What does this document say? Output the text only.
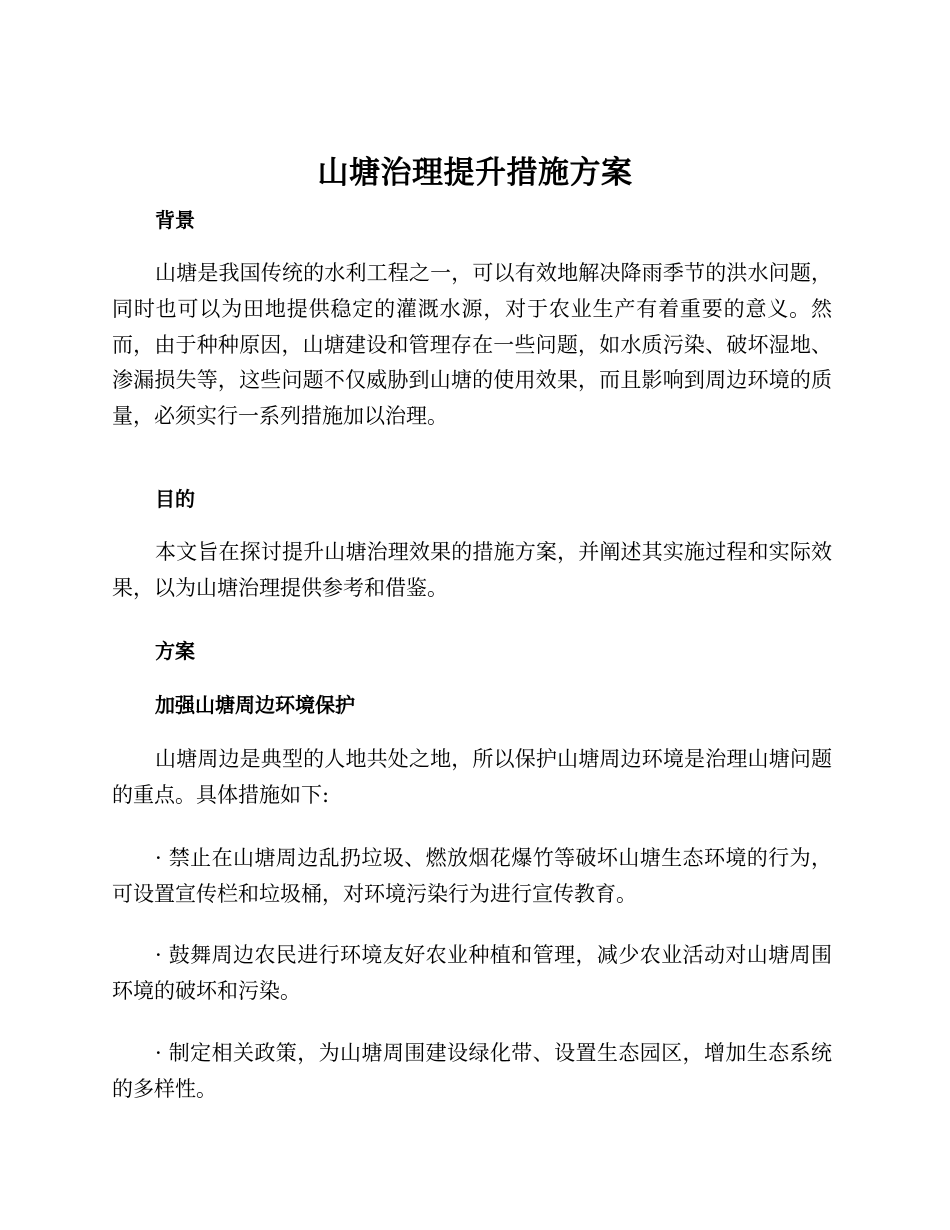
山塘治理提升措施方案
背景
山塘是我国传统的水利工程之一，可以有效地解决降雨季节的洪水问题，同时也可以为田地提供稳定的灌溉水源，对于农业生产有着重要的意义。然而，由于种种原因，山塘建设和管理存在一些问题，如水质污染、破坏湿地、渗漏损失等，这些问题不仅威胁到山塘的使用效果，而且影响到周边环境的质量，必须实行一系列措施加以治理。
目的
本文旨在探讨提升山塘治理效果的措施方案，并阐述其实施过程和实际效果，以为山塘治理提供参考和借鉴。
方案
加强山塘周边环境保护
山塘周边是典型的人地共处之地，所以保护山塘周边环境是治理山塘问题的重点。具体措施如下:
· 禁止在山塘周边乱扔垃圾、燃放烟花爆竹等破坏山塘生态环境的行为，可设置宣传栏和垃圾桶，对环境污染行为进行宣传教育。
· 鼓舞周边农民进行环境友好农业种植和管理，减少农业活动对山塘周围环境的破坏和污染。
· 制定相关政策，为山塘周围建设绿化带、设置生态园区，增加生态系统的多样性。
